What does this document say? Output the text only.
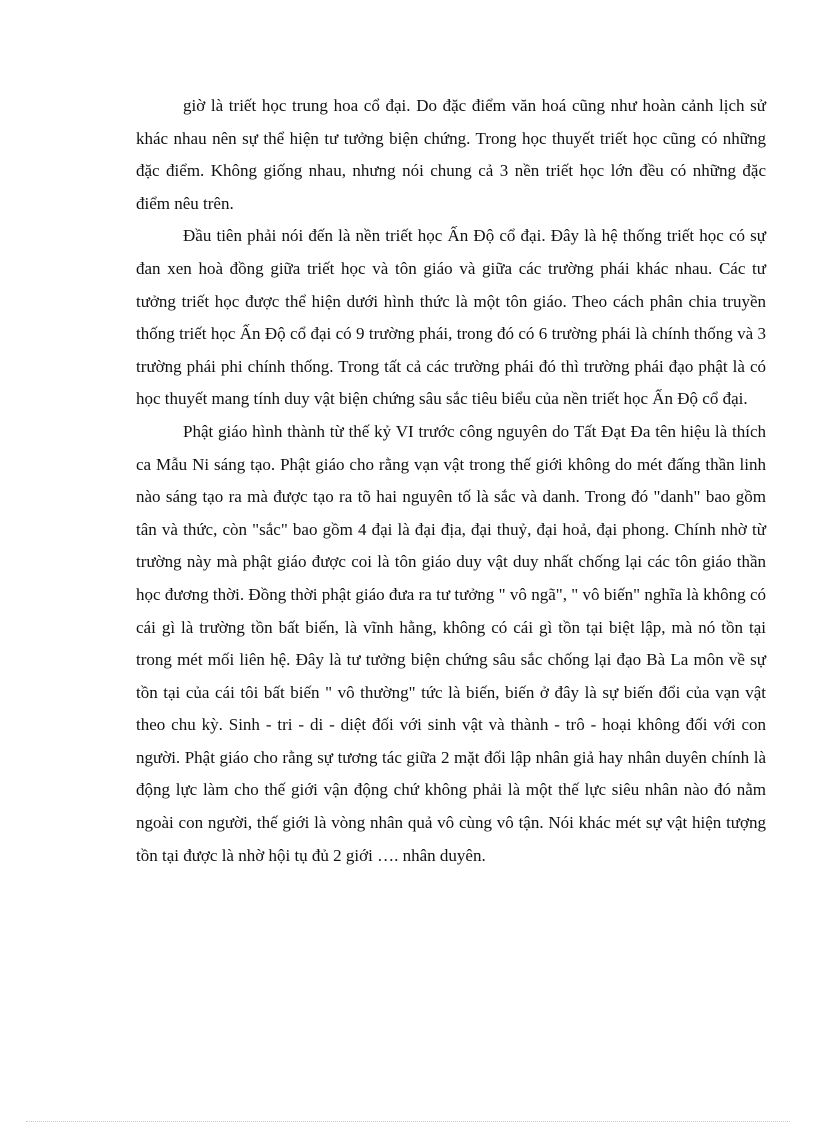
giờ là triết học trung hoa cổ đại. Do đặc điểm văn hoá cũng như hoàn cảnh lịch sử khác nhau nên sự thể hiện tư tưởng biện chứng. Trong học thuyết triết học cũng có những đặc điểm. Không giống nhau, nhưng nói chung cả 3 nền triết học lớn đều có những đặc điểm nêu trên.

Đầu tiên phải nói đến là nền triết học Ấn Độ cổ đại. Đây là hệ thống triết học có sự đan xen hoà đồng giữa triết học và tôn giáo và giữa các trường phái khác nhau. Các tư tưởng triết học được thể hiện dưới hình thức là một tôn giáo. Theo cách phân chia truyền thống triết học Ấn Độ cổ đại có 9 trường phái, trong đó có 6 trường phái là chính thống và 3 trường phái phi chính thống. Trong tất cả các trường phái đó thì trường phái đạo phật là có học thuyết mang tính duy vật biện chứng sâu sắc tiêu biểu của nền triết học Ấn Độ cổ đại.

Phật giáo hình thành từ thế kỷ VI trước công nguyên do Tất Đạt Đa tên hiệu là thích ca Mẫu Ni sáng tạo. Phật giáo cho rằng vạn vật trong thế giới không do mét đấng thần linh nào sáng tạo ra mà được tạo ra tõ hai nguyên tố là sắc và danh. Trong đó "danh" bao gồm tân và thức, còn "sắc" bao gồm 4 đại là đại địa, đại thuỷ, đại hoả, đại phong. Chính nhờ từ trường này mà phật giáo được coi là tôn giáo duy vật duy nhất chống lại các tôn giáo thần học đương thời. Đồng thời phật giáo đưa ra tư tưởng " vô ngã", " vô biến" nghĩa là không có cái gì là trường tồn bất biến, là vĩnh hằng, không có cái gì tồn tại biệt lập, mà nó tồn tại trong mét mối liên hệ. Đây là tư tưởng biện chứng sâu sắc chống lại đạo Bà La môn về sự tồn tại của cái tôi bất biến " vô thường" tức là biến, biến ở đây là sự biến đổi của vạn vật theo chu kỳ. Sinh - tri - di - diệt đối với sinh vật và thành - trô - hoại không đối với con người. Phật giáo cho rằng sự tương tác giữa 2 mặt đối lập nhân giả hay nhân duyên chính là động lực làm cho thế giới vận động chứ không phải là một thế lực siêu nhân nào đó nằm ngoài con người, thế giới là vòng nhân quả vô cùng vô tận. Nói khác mét sự vật hiện tượng tồn tại được là nhờ hội tụ đủ 2 giới …. nhân duyên.
